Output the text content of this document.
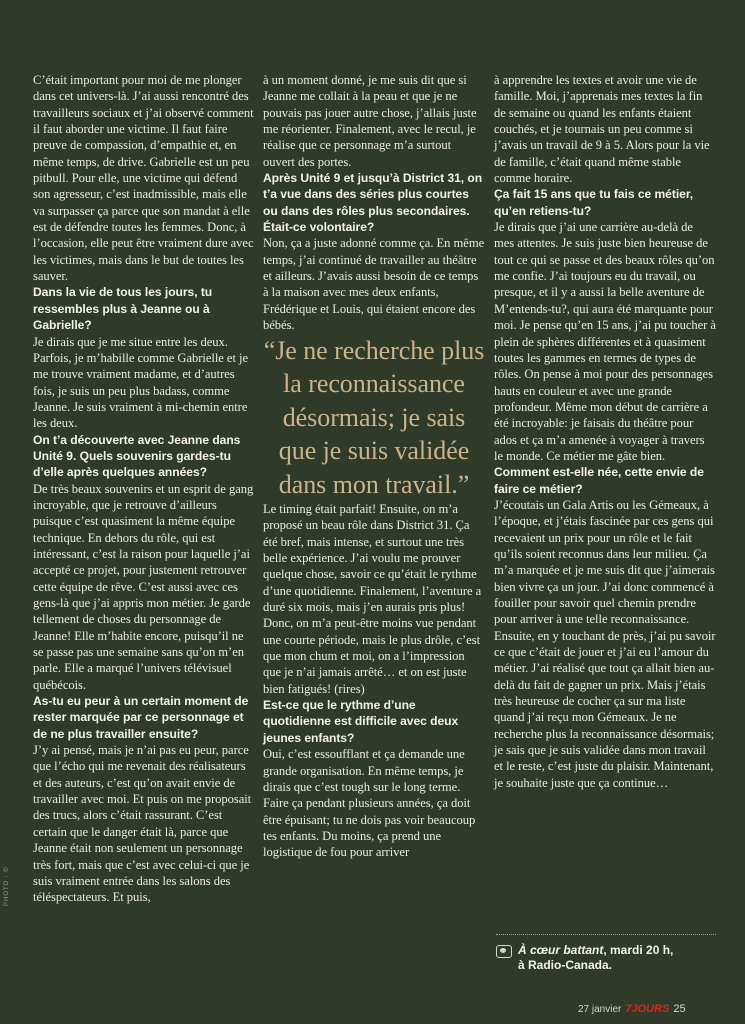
C’était important pour moi de me plonger dans cet univers-là. J’ai aussi rencontré des travailleurs sociaux et j’ai observé comment il faut aborder une victime. Il faut faire preuve de compassion, d’empathie et, en même temps, de drive. Gabrielle est un peu pitbull. Pour elle, une victime qui défend son agresseur, c’est inadmissible, mais elle va surpasser ça parce que son mandat à elle est de défendre toutes les femmes. Donc, à l’occasion, elle peut être vraiment dure avec les victimes, mais dans le but de toutes les sauver.

Dans la vie de tous les jours, tu ressembles plus à Jeanne ou à Gabrielle?

Je dirais que je me situe entre les deux. Parfois, je m’habille comme Gabrielle et je me trouve vraiment madame, et d’autres fois, je suis un peu plus badass, comme Jeanne. Je suis vraiment à mi-chemin entre les deux.

On t’a découverte avec Jeanne dans Unité 9. Quels souvenirs gardes-tu d’elle après quelques années?

De très beaux souvenirs et un esprit de gang incroyable, que je retrouve d’ailleurs puisque c’est quasiment la même équipe technique. En dehors du rôle, qui est intéressant, c’est la raison pour laquelle j’ai accepté ce projet, pour justement retrouver cette équipe de rêve. C’est aussi avec ces gens-là que j’ai appris mon métier. Je garde tellement de choses du personnage de Jeanne! Elle m’habite encore, puisqu’il ne se passe pas une semaine sans qu’on m’en parle. Elle a marqué l’univers télévisuel québécois.

As-tu eu peur à un certain moment de rester marquée par ce personnage et de ne plus travailler ensuite?

J’y ai pensé, mais je n’ai pas eu peur, parce que l’écho qui me revenait des réalisateurs et des auteurs, c’est qu’on avait envie de travailler avec moi. Et puis on me proposait des trucs, alors c’était rassurant. C’est certain que le danger était là, parce que Jeanne était non seulement un personnage très fort, mais que c’est avec celui-ci que je suis vraiment entrée dans les salons des téléspectateurs. Et puis,

à un moment donné, je me suis dit que si Jeanne me collait à la peau et que je ne pouvais pas jouer autre chose, j’allais juste me réorienter. Finalement, avec le recul, je réalise que ce personnage m’a surtout ouvert des portes.

Après Unité 9 et jusqu’à District 31, on t’a vue dans des séries plus courtes ou dans des rôles plus secondaires. Était-ce volontaire?

Non, ça a juste adonné comme ça. En même temps, j’ai continué de travailler au théâtre et ailleurs. J’avais aussi besoin de ce temps à la maison avec mes deux enfants, Frédérique et Louis, qui étaient encore des bébés.

“Je ne recherche plus la reconnaissance désormais; je sais que je suis validée dans mon travail.”

Le timing était parfait! Ensuite, on m’a proposé un beau rôle dans District 31. Ça été bref, mais intense, et surtout une très belle expérience. J’ai voulu me prouver quelque chose, savoir ce qu’était le rythme d’une quotidienne. Finalement, l’aventure a duré six mois, mais j’en aurais pris plus! Donc, on m’a peut-être moins vue pendant une courte période, mais le plus drôle, c’est que mon chum et moi, on a l’impression que je n’ai jamais arrêté… et on est juste bien fatigués! (rires)

Est-ce que le rythme d’une quotidienne est difficile avec deux jeunes enfants?

Oui, c’est essoufflant et ça demande une grande organisation. En même temps, je dirais que c’est tough sur le long terme. Faire ça pendant plusieurs années, ça doit être épuisant; tu ne dois pas voir beaucoup tes enfants. Du moins, ça prend une logistique de fou pour arriver

à apprendre les textes et avoir une vie de famille. Moi, j’apprenais mes textes la fin de semaine ou quand les enfants étaient couchés, et je tournais un peu comme si j’avais un travail de 9 à 5. Alors pour la vie de famille, c’était quand même stable comme horaire.

Ça fait 15 ans que tu fais ce métier, qu’en retiens-tu?

Je dirais que j’ai une carrière au-delà de mes attentes. Je suis juste bien heureuse de tout ce qui se passe et des beaux rôles qu’on me confie. J’ai toujours eu du travail, ou presque, et il y a aussi la belle aventure de M’entends-tu?, qui aura été marquante pour moi. Je pense qu’en 15 ans, j’ai pu toucher à plein de sphères différentes et à quasiment toutes les gammes en termes de types de rôles. On pense à moi pour des personnages hauts en couleur et avec une grande profondeur. Même mon début de carrière a été incroyable: je faisais du théâtre pour ados et ça m’a amenée à voyager à travers le monde. Ce métier me gâte bien.

Comment est-elle née, cette envie de faire ce métier?

J’écoutais un Gala Artis ou les Gémeaux, à l’époque, et j’étais fascinée par ces gens qui recevaient un prix pour un rôle et le fait qu’ils soient reconnus dans leur milieu. Ça m’a marquée et je me suis dit que j’aimerais bien vivre ça un jour. J’ai donc commencé à fouiller pour savoir quel chemin prendre pour arriver à une telle reconnaissance. Ensuite, en y touchant de près, j’ai pu savoir ce que c’était de jouer et j’ai eu l’amour du métier. J’ai réalisé que tout ça allait bien au-delà du fait de gagner un prix. Mais j’étais très heureuse de cocher ça sur ma liste quand j’ai reçu mon Gémeaux. Je ne recherche plus la reconnaissance désormais; je sais que je suis validée dans mon travail et le reste, c’est juste du plaisir. Maintenant, je souhaite juste que ça continue…

PHOTO : ©
À cœur battant, mardi 20 h,
à Radio-Canada.
27 janvier 7JOURS 25
